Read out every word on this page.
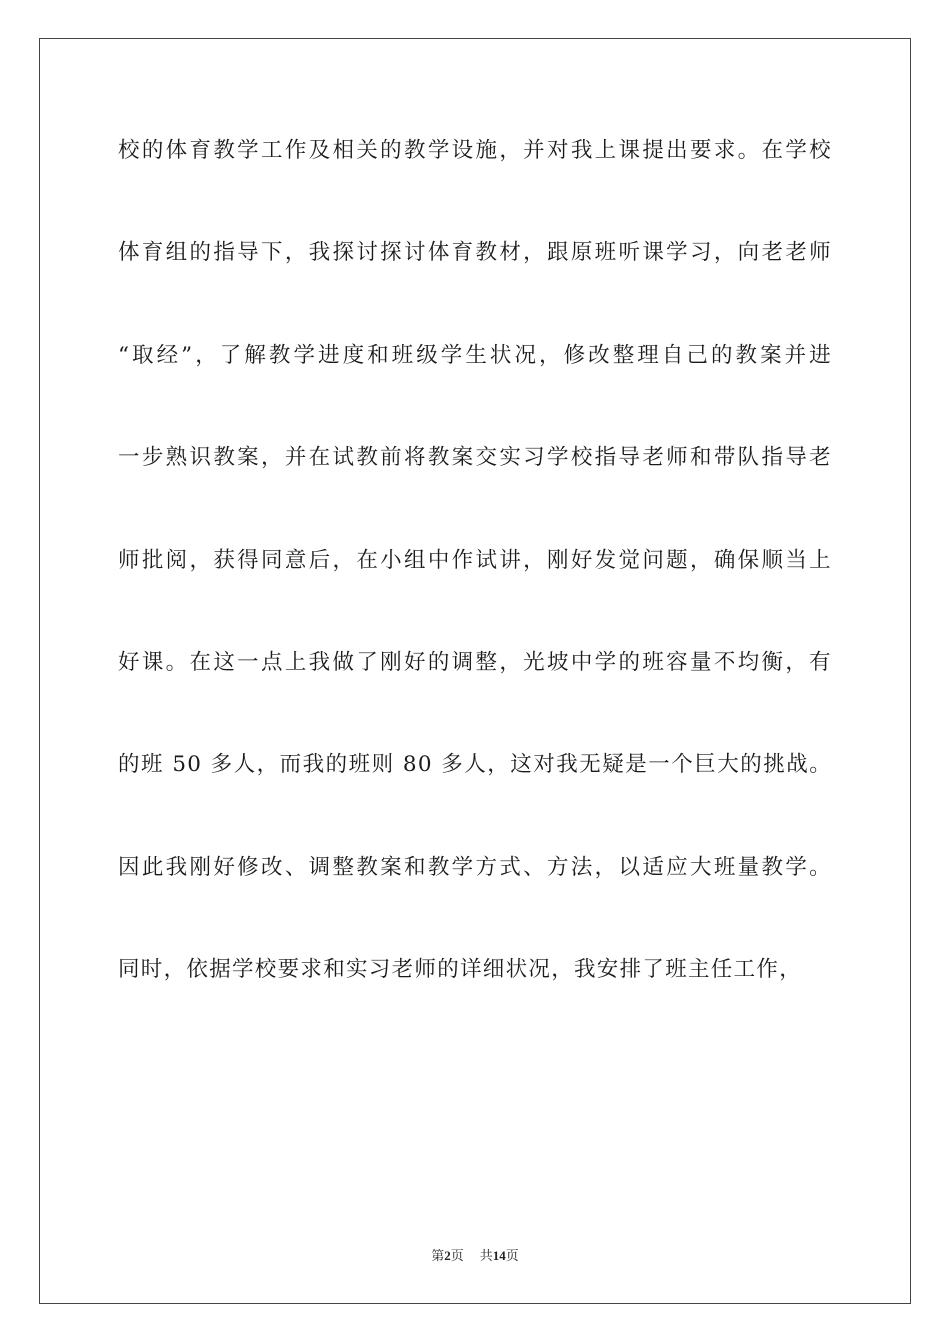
校的体育教学工作及相关的教学设施，并对我上课提出要求。在学校
体育组的指导下，我探讨探讨体育教材，跟原班听课学习，向老老师
“取经”，了解教学进度和班级学生状况，修改整理自己的教案并进
一步熟识教案，并在试教前将教案交实习学校指导老师和带队指导老
师批阅，获得同意后，在小组中作试讲，刚好发觉问题，确保顺当上
好课。在这一点上我做了刚好的调整，光坡中学的班容量不均衡，有
的班 50 多人，而我的班则 80 多人，这对我无疑是一个巨大的挑战。
因此我刚好修改、调整教案和教学方式、方法，以适应大班量教学。
同时，依据学校要求和实习老师的详细状况，我安排了班主任工作，
第2页 共14页
